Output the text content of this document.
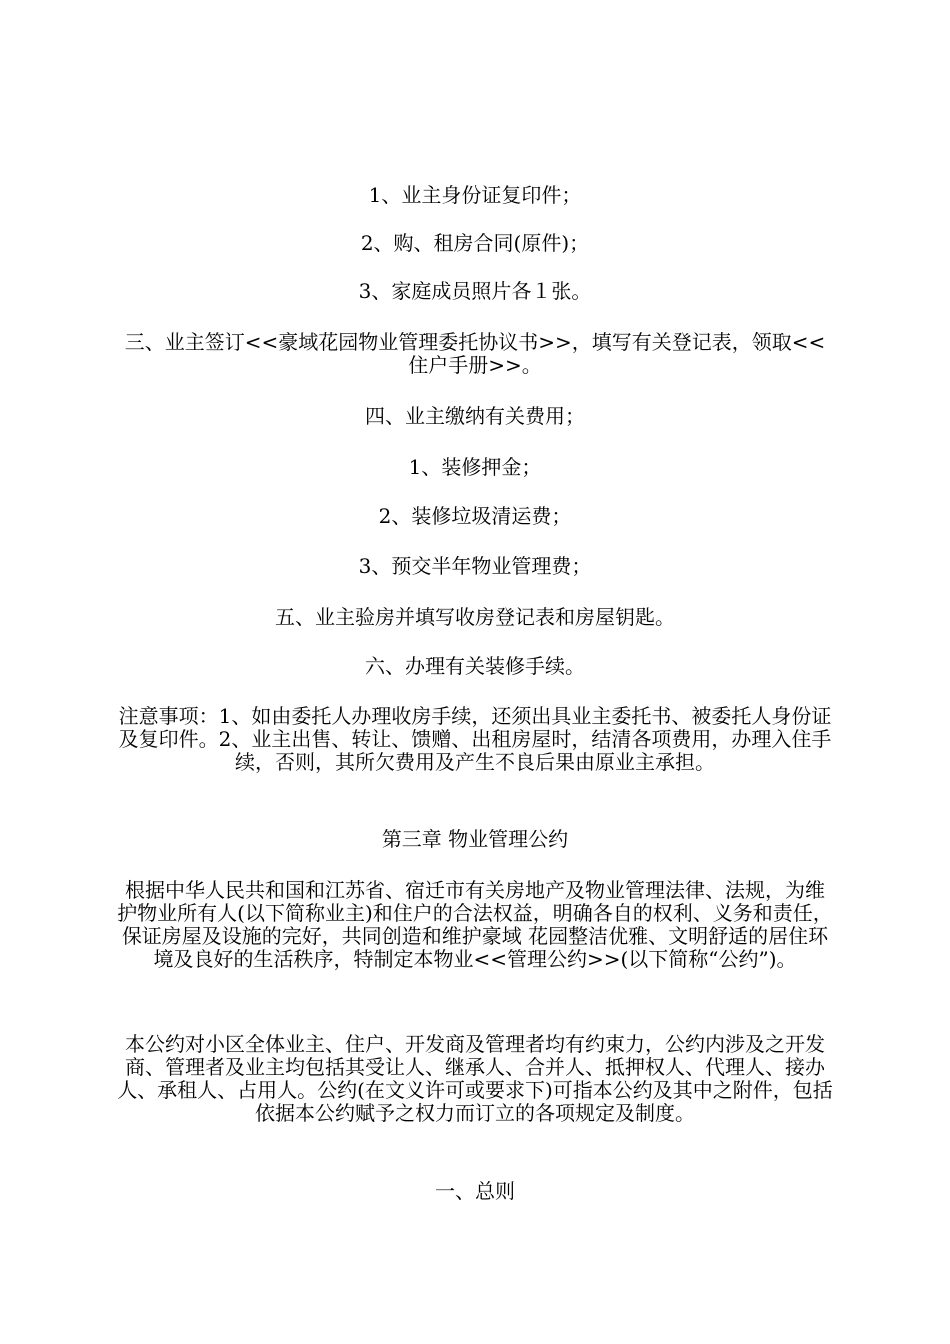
1、业主身份证复印件；

2、购、租房合同(原件)；

3、家庭成员照片各１张。

三、业主签订<<豪域花园物业管理委托协议书>>，填写有关登记表，领取<<住户手册>>。

四、业主缴纳有关费用；

1、装修押金；

2、装修垃圾清运费；

3、预交半年物业管理费；

五、业主验房并填写收房登记表和房屋钥匙。

六、办理有关装修手续。

注意事项：1、如由委托人办理收房手续，还须出具业主委托书、被委托人身份证及复印件。2、业主出售、转让、馈赠、出租房屋时，结清各项费用，办理入住手续，否则，其所欠费用及产生不良后果由原业主承担。

第三章 物业管理公约

根据中华人民共和国和江苏省、宿迁市有关房地产及物业管理法律、法规，为维护物业所有人(以下简称业主)和住户的合法权益，明确各自的权利、义务和责任，保证房屋及设施的完好，共同创造和维护豪域 花园整洁优雅、文明舒适的居住环境及良好的生活秩序，特制定本物业<<管理公约>>(以下简称“公约”)。

本公约对小区全体业主、住户、开发商及管理者均有约束力，公约内涉及之开发商、管理者及业主均包括其受让人、继承人、合并人、抵押权人、代理人、接办人、承租人、占用人。公约(在文义许可或要求下)可指本公约及其中之附件，包括依据本公约赋予之权力而订立的各项规定及制度。

一、总则
